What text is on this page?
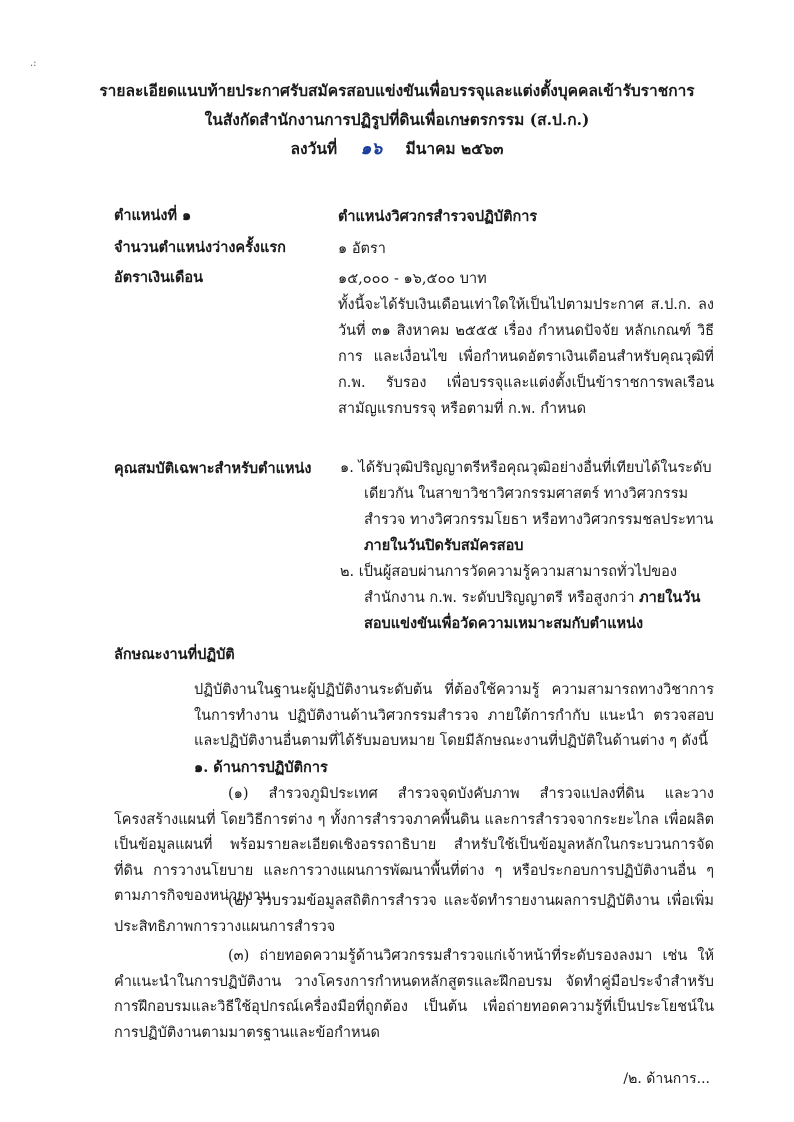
.:
รายละเอียดแนบท้ายประกาศรับสมัครสอบแข่งขันเพื่อบรรจุและแต่งตั้งบุคคลเข้ารับราชการ
ในสังกัดสำนักงานการปฏิรูปที่ดินเพื่อเกษตรกรรม (ส.ป.ก.)
ลงวันที่ ๑๖ มีนาคม ๒๕๖๓
ตำแหน่งที่ ๑	ตำแหน่งวิศวกรสำรวจปฏิบัติการ
จำนวนตำแหน่งว่างครั้งแรก	๑ อัตรา
อัตราเงินเดือน	๑๕,๐๐๐ - ๑๖,๕๐๐ บาท
ทั้งนี้จะได้รับเงินเดือนเท่าใดให้เป็นไปตามประกาศ ส.ป.ก. ลงวันที่ ๓๑ สิงหาคม ๒๕๕๕ เรื่อง กำหนดปัจจัย หลักเกณฑ์ วิธีการ และเงื่อนไข เพื่อกำหนดอัตราเงินเดือนสำหรับคุณวุฒิที่ ก.พ. รับรอง เพื่อบรรจุและแต่งตั้งเป็นข้าราชการพลเรือนสามัญแรกบรรจุ หรือตามที่ ก.พ. กำหนด
คุณสมบัติเฉพาะสำหรับตำแหน่ง ๑. ได้รับวุฒิปริญญาตรีหรือคุณวุฒิอย่างอื่นที่เทียบได้ในระดับเดียวกัน ในสาขาวิชาวิศวกรรมศาสตร์ ทางวิศวกรรมสำรวจ ทางวิศวกรรมโยธา หรือทางวิศวกรรมชลประทาน ภายในวันปิดรับสมัครสอบ

๒. เป็นผู้สอบผ่านการวัดความรู้ความสามารถทั่วไปของ สำนักงาน ก.พ. ระดับปริญญาตรี หรือสูงกว่า ภายในวันสอบแข่งขันเพื่อวัดความเหมาะสมกับตำแหน่ง

ลักษณะงานที่ปฏิบัติ
ปฏิบัติงานในฐานะผู้ปฏิบัติงานระดับต้น ที่ต้องใช้ความรู้ ความสามารถทางวิชาการในการทำงาน ปฏิบัติงานด้านวิศวกรรมสำรวจ ภายใต้การกำกับ แนะนำ ตรวจสอบ และปฏิบัติงานอื่นตามที่ได้รับมอบหมาย โดยมีลักษณะงานที่ปฏิบัติในด้านต่าง ๆ ดังนี้
๑. ด้านการปฏิบัติการ
(๑) สำรวจภูมิประเทศ สำรวจจุดบังคับภาพ สำรวจแปลงที่ดิน และวางโครงสร้างแผนที่ โดยวิธีการต่าง ๆ ทั้งการสำรวจภาคพื้นดิน และการสำรวจจากระยะไกล เพื่อผลิตเป็นข้อมูลแผนที่ พร้อมรายละเอียดเชิงอรรถาธิบาย สำหรับใช้เป็นข้อมูลหลักในกระบวนการจัดที่ดิน การวางนโยบาย และการวางแผนการพัฒนาพื้นที่ต่าง ๆ หรือประกอบการปฏิบัติงานอื่น ๆ ตามภารกิจของหน่วยงาน
(๒) รวบรวมข้อมูลสถิติการสำรวจ และจัดทำรายงานผลการปฏิบัติงาน เพื่อเพิ่มประสิทธิภาพการวางแผนการสำรวจ
(๓) ถ่ายทอดความรู้ด้านวิศวกรรมสำรวจแก่เจ้าหน้าที่ระดับรองลงมา เช่น ให้คำแนะนำในการปฏิบัติงาน วางโครงการกำหนดหลักสูตรและฝึกอบรม จัดทำคู่มือประจำสำหรับการฝึกอบรมและวิธีใช้อุปกรณ์เครื่องมือที่ถูกต้อง เป็นต้น เพื่อถ่ายทอดความรู้ที่เป็นประโยชน์ในการปฏิบัติงานตามมาตรฐานและข้อกำหนด
/๒. ด้านการ...
